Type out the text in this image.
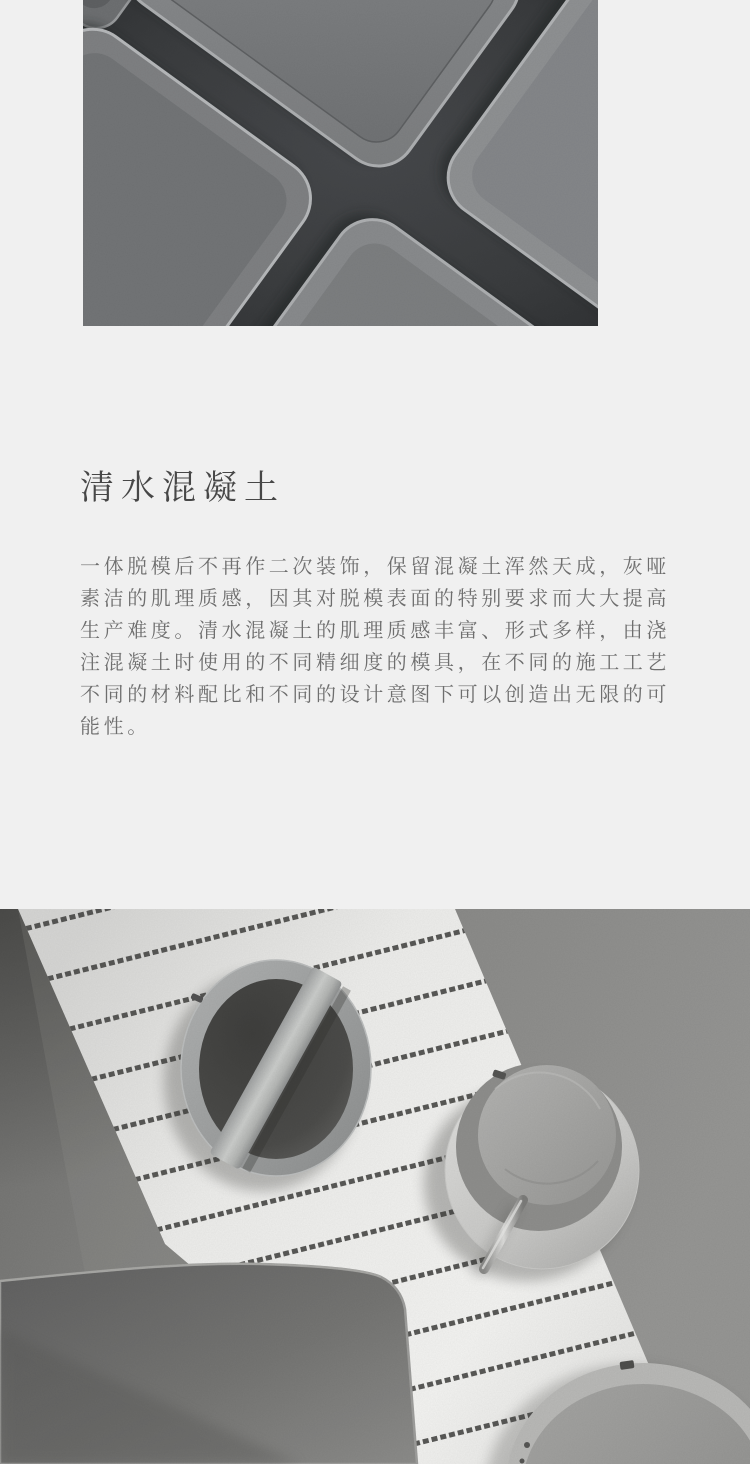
清水混凝土
一体脱模后不再作二次装饰，保留混凝土浑然天成，灰哑
素洁的肌理质感，因其对脱模表面的特别要求而大大提高
生产难度。清水混凝土的肌理质感丰富、形式多样，由浇
注混凝土时使用的不同精细度的模具，在不同的施工工艺
不同的材料配比和不同的设计意图下可以创造出无限的可
能性。
